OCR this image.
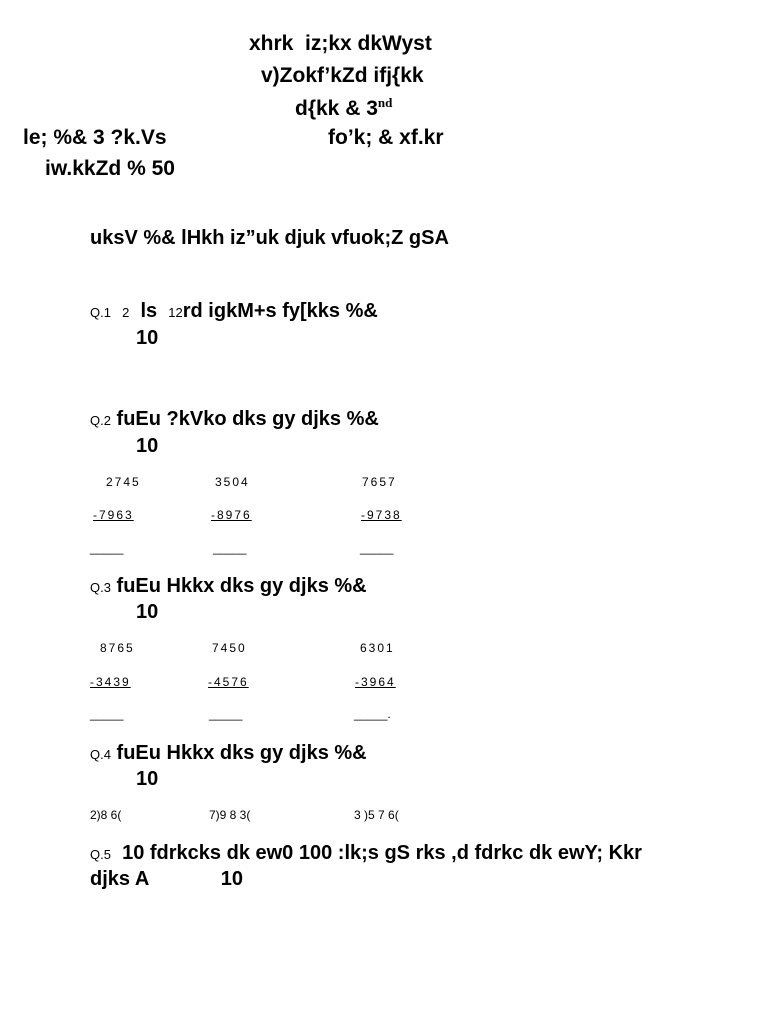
xhrk  iz;kx dkWyst
v)Zokf’kZd ifj{kk
d{kk & 3nd
le; %& 3 ?k.Vs	fo’k; & xf.kr
iw.kkZd % 50
uksV %& lHkh iz”uk djuk vfuok;Z gSA
Q.1 2 ls 12rd igkM+s fy[kks %&
10
Q.2 fuEu ?kVko dks gy djks %&
10
2745	3504	7657
-7963	-8976	-9738
_____	_____	_____
Q.3 fuEu Hkkx dks gy djks %&
10
8765	7450	6301
-3439	-4576	-3964
_____	_____	_____.
Q.4 fuEu Hkkx dks gy djks %&
10
2)8 6(	7)9 8 3(	3 )5 7 6(
Q.5 10 fdrkcks dk ew0 100 :lk;s gS rks ,d fdrkc dk ewY; Kkr
djks A	10
